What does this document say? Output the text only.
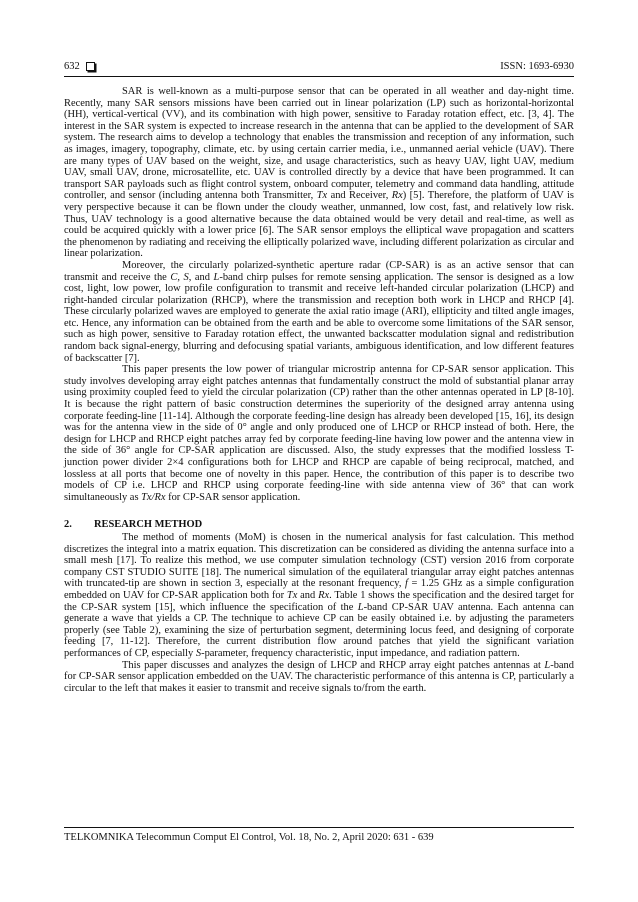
632	ISSN: 1693-6930

SAR is well-known as a multi-purpose sensor that can be operated in all weather and day-night time. Recently, many SAR sensors missions have been carried out in linear polarization (LP) such as horizontal-horizontal (HH), vertical-vertical (VV), and its combination with high power, sensitive to Faraday rotation effect, etc. [3, 4]. The interest in the SAR system is expected to increase research in the antenna that can be applied to the development of SAR system. The research aims to develop a technology that enables the transmission and reception of any information, such as images, imagery, topography, climate, etc. by using certain carrier media, i.e., unmanned aerial vehicle (UAV). There are many types of UAV based on the weight, size, and usage characteristics, such as heavy UAV, light UAV, medium UAV, small UAV, drone, microsatellite, etc. UAV is controlled directly by a device that have been programmed. It can transport SAR payloads such as flight control system, onboard computer, telemetry and command data handling, attitude controller, and sensor (including antenna both Transmitter, Tx and Receiver, Rx) [5]. Therefore, the platform of UAV is very perspective because it can be flown under the cloudy weather, unmanned, low cost, fast, and relatively low risk. Thus, UAV technology is a good alternative because the data obtained would be very detail and real-time, as well as could be acquired quickly with a lower price [6]. The SAR sensor employs the elliptical wave propagation and scatters the phenomenon by radiating and receiving the elliptically polarized wave, including different polarization as circular and linear polarization.

Moreover, the circularly polarized-synthetic aperture radar (CP-SAR) is as an active sensor that can transmit and receive the C, S, and L-band chirp pulses for remote sensing application. The sensor is designed as a low cost, light, low power, low profile configuration to transmit and receive left-handed circular polarization (LHCP) and right-handed circular polarization (RHCP), where the transmission and reception both work in LHCP and RHCP [4]. These circularly polarized waves are employed to generate the axial ratio image (ARI), ellipticity and tilted angle images, etc. Hence, any information can be obtained from the earth and be able to overcome some limitations of the SAR sensor, such as high power, sensitive to Faraday rotation effect, the unwanted backscatter modulation signal and redistribution random back signal-energy, blurring and defocusing spatial variants, ambiguous identification, and low different features of backscatter [7].

This paper presents the low power of triangular microstrip antenna for CP-SAR sensor application. This study involves developing array eight patches antennas that fundamentally construct the mold of substantial planar array using proximity coupled feed to yield the circular polarization (CP) rather than the other antennas operated in LP [8-10]. It is because the right pattern of basic construction determines the superiority of the designed array antenna using corporate feeding-line [11-14]. Although the corporate feeding-line design has already been developed [15, 16], its design was for the antenna view in the side of 0° angle and only produced one of LHCP or RHCP instead of both. Here, the design for LHCP and RHCP eight patches array fed by corporate feeding-line having low power and the antenna view in the side of 36° angle for CP-SAR application are discussed. Also, the study expresses that the modified lossless T-junction power divider 2×4 configurations both for LHCP and RHCP are capable of being reciprocal, matched, and lossless at all ports that become one of novelty in this paper. Hence, the contribution of this paper is to describe two models of CP i.e. LHCP and RHCP using corporate feeding-line with side antenna view of 36° that can work simultaneously as Tx/Rx for CP-SAR sensor application.

2. RESEARCH METHOD

The method of moments (MoM) is chosen in the numerical analysis for fast calculation. This method discretizes the integral into a matrix equation. This discretization can be considered as dividing the antenna surface into a small mesh [17]. To realize this method, we use computer simulation technology (CST) version 2016 from corporate company CST STUDIO SUITE [18]. The numerical simulation of the equilateral triangular array eight patches antennas with truncated-tip are shown in section 3, especially at the resonant frequency, f = 1.25 GHz as a simple configuration embedded on UAV for CP-SAR application both for Tx and Rx. Table 1 shows the specification and the desired target for the CP-SAR system [15], which influence the specification of the L-band CP-SAR UAV antenna. Each antenna can generate a wave that yields a CP. The technique to achieve CP can be easily obtained i.e. by adjusting the parameters properly (see Table 2), examining the size of perturbation segment, determining locus feed, and designing of corporate feeding [7, 11-12]. Therefore, the current distribution flow around patches that yield the significant variation performances of CP, especially S-parameter, frequency characteristic, input impedance, and radiation pattern.

This paper discusses and analyzes the design of LHCP and RHCP array eight patches antennas at L-band for CP-SAR sensor application embedded on the UAV. The characteristic performance of this antenna is CP, particularly a circular to the left that makes it easier to transmit and receive signals to/from the earth.

TELKOMNIKA Telecommun Comput El Control, Vol. 18, No. 2, April 2020: 631 - 639
